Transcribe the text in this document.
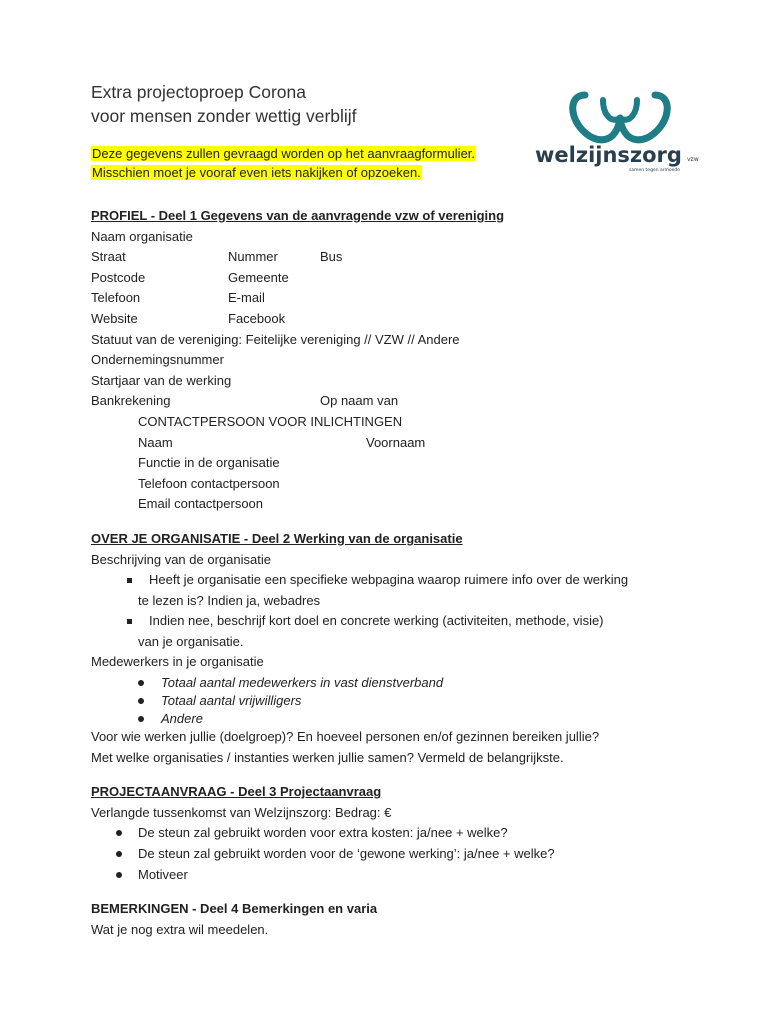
Extra projectoproep Corona
voor mensen zonder wettig verblijf
Deze gegevens zullen gevraagd worden op het aanvraagformulier.
Misschien moet je vooraf even iets nakijken of opzoeken.
welzijnszorg vzw
samen tegen armoede
PROFIEL - Deel 1 Gegevens van de aanvragende vzw of vereniging
Naam organisatie
Straat	Nummer	Bus
Postcode	Gemeente
Telefoon	E-mail
Website	Facebook
Statuut van de vereniging: Feitelijke vereniging // VZW // Andere
Ondernemingsnummer
Startjaar van de werking
Bankrekening	Op naam van
CONTACTPERSOON VOOR INLICHTINGEN
Naam	Voornaam
Functie in de organisatie
Telefoon contactpersoon
Email contactpersoon
OVER JE ORGANISATIE - Deel 2 Werking van de organisatie
Beschrijving van de organisatie
Heeft je organisatie een specifieke webpagina waarop ruimere info over de werking
te lezen is? Indien ja, webadres
Indien nee, beschrijf kort doel en concrete werking (activiteiten, methode, visie)
van je organisatie.
Medewerkers in je organisatie
Totaal aantal medewerkers in vast dienstverband
Totaal aantal vrijwilligers
Andere
Voor wie werken jullie (doelgroep)? En hoeveel personen en/of gezinnen bereiken jullie?
Met welke organisaties / instanties werken jullie samen? Vermeld de belangrijkste.
PROJECTAANVRAAG - Deel 3 Projectaanvraag
Verlangde tussenkomst van Welzijnszorg: Bedrag: €
De steun zal gebruikt worden voor extra kosten: ja/nee + welke?
De steun zal gebruikt worden voor de ‘gewone werking’: ja/nee + welke?
Motiveer
BEMERKINGEN - Deel 4 Bemerkingen en varia
Wat je nog extra wil meedelen.
